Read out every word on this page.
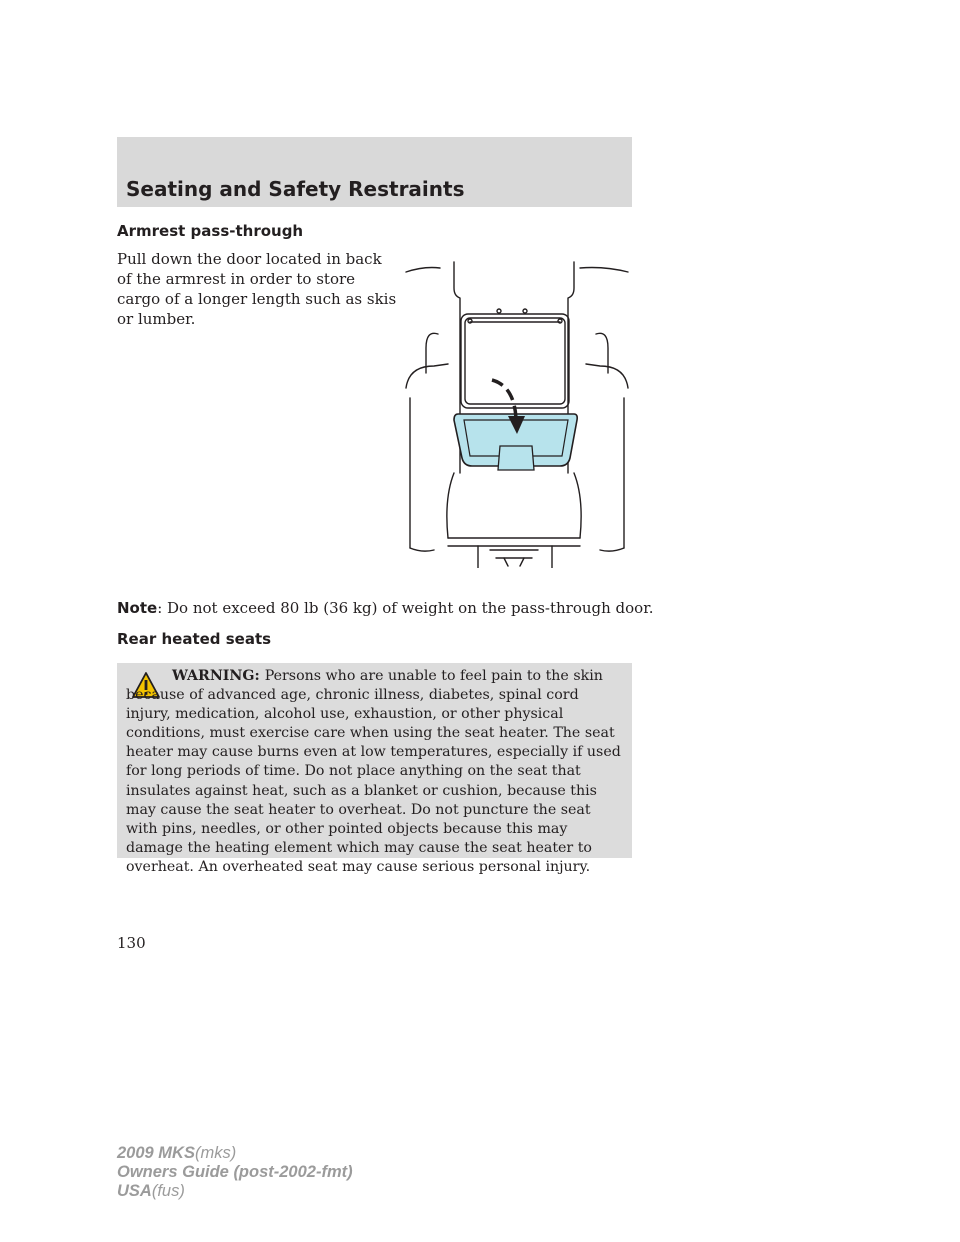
Seating and Safety Restraints
Armrest pass-through
Pull down the door located in back
of the armrest in order to store
cargo of a longer length such as skis
or lumber.

Note: Do not exceed 80 lb (36 kg) of weight on the pass-through door.

Rear heated seats

WARNING: Persons who are unable to feel pain to the skin because of advanced age, chronic illness, diabetes, spinal cord injury, medication, alcohol use, exhaustion, or other physical conditions, must exercise care when using the seat heater. The seat heater may cause burns even at low temperatures, especially if used for long periods of time. Do not place anything on the seat that insulates against heat, such as a blanket or cushion, because this may cause the seat heater to overheat. Do not puncture the seat with pins, needles, or other pointed objects because this may damage the heating element which may cause the seat heater to overheat. An overheated seat may cause serious personal injury.

130

2009 MKS(mks)
Owners Guide (post-2002-fmt)
USA(fus)
